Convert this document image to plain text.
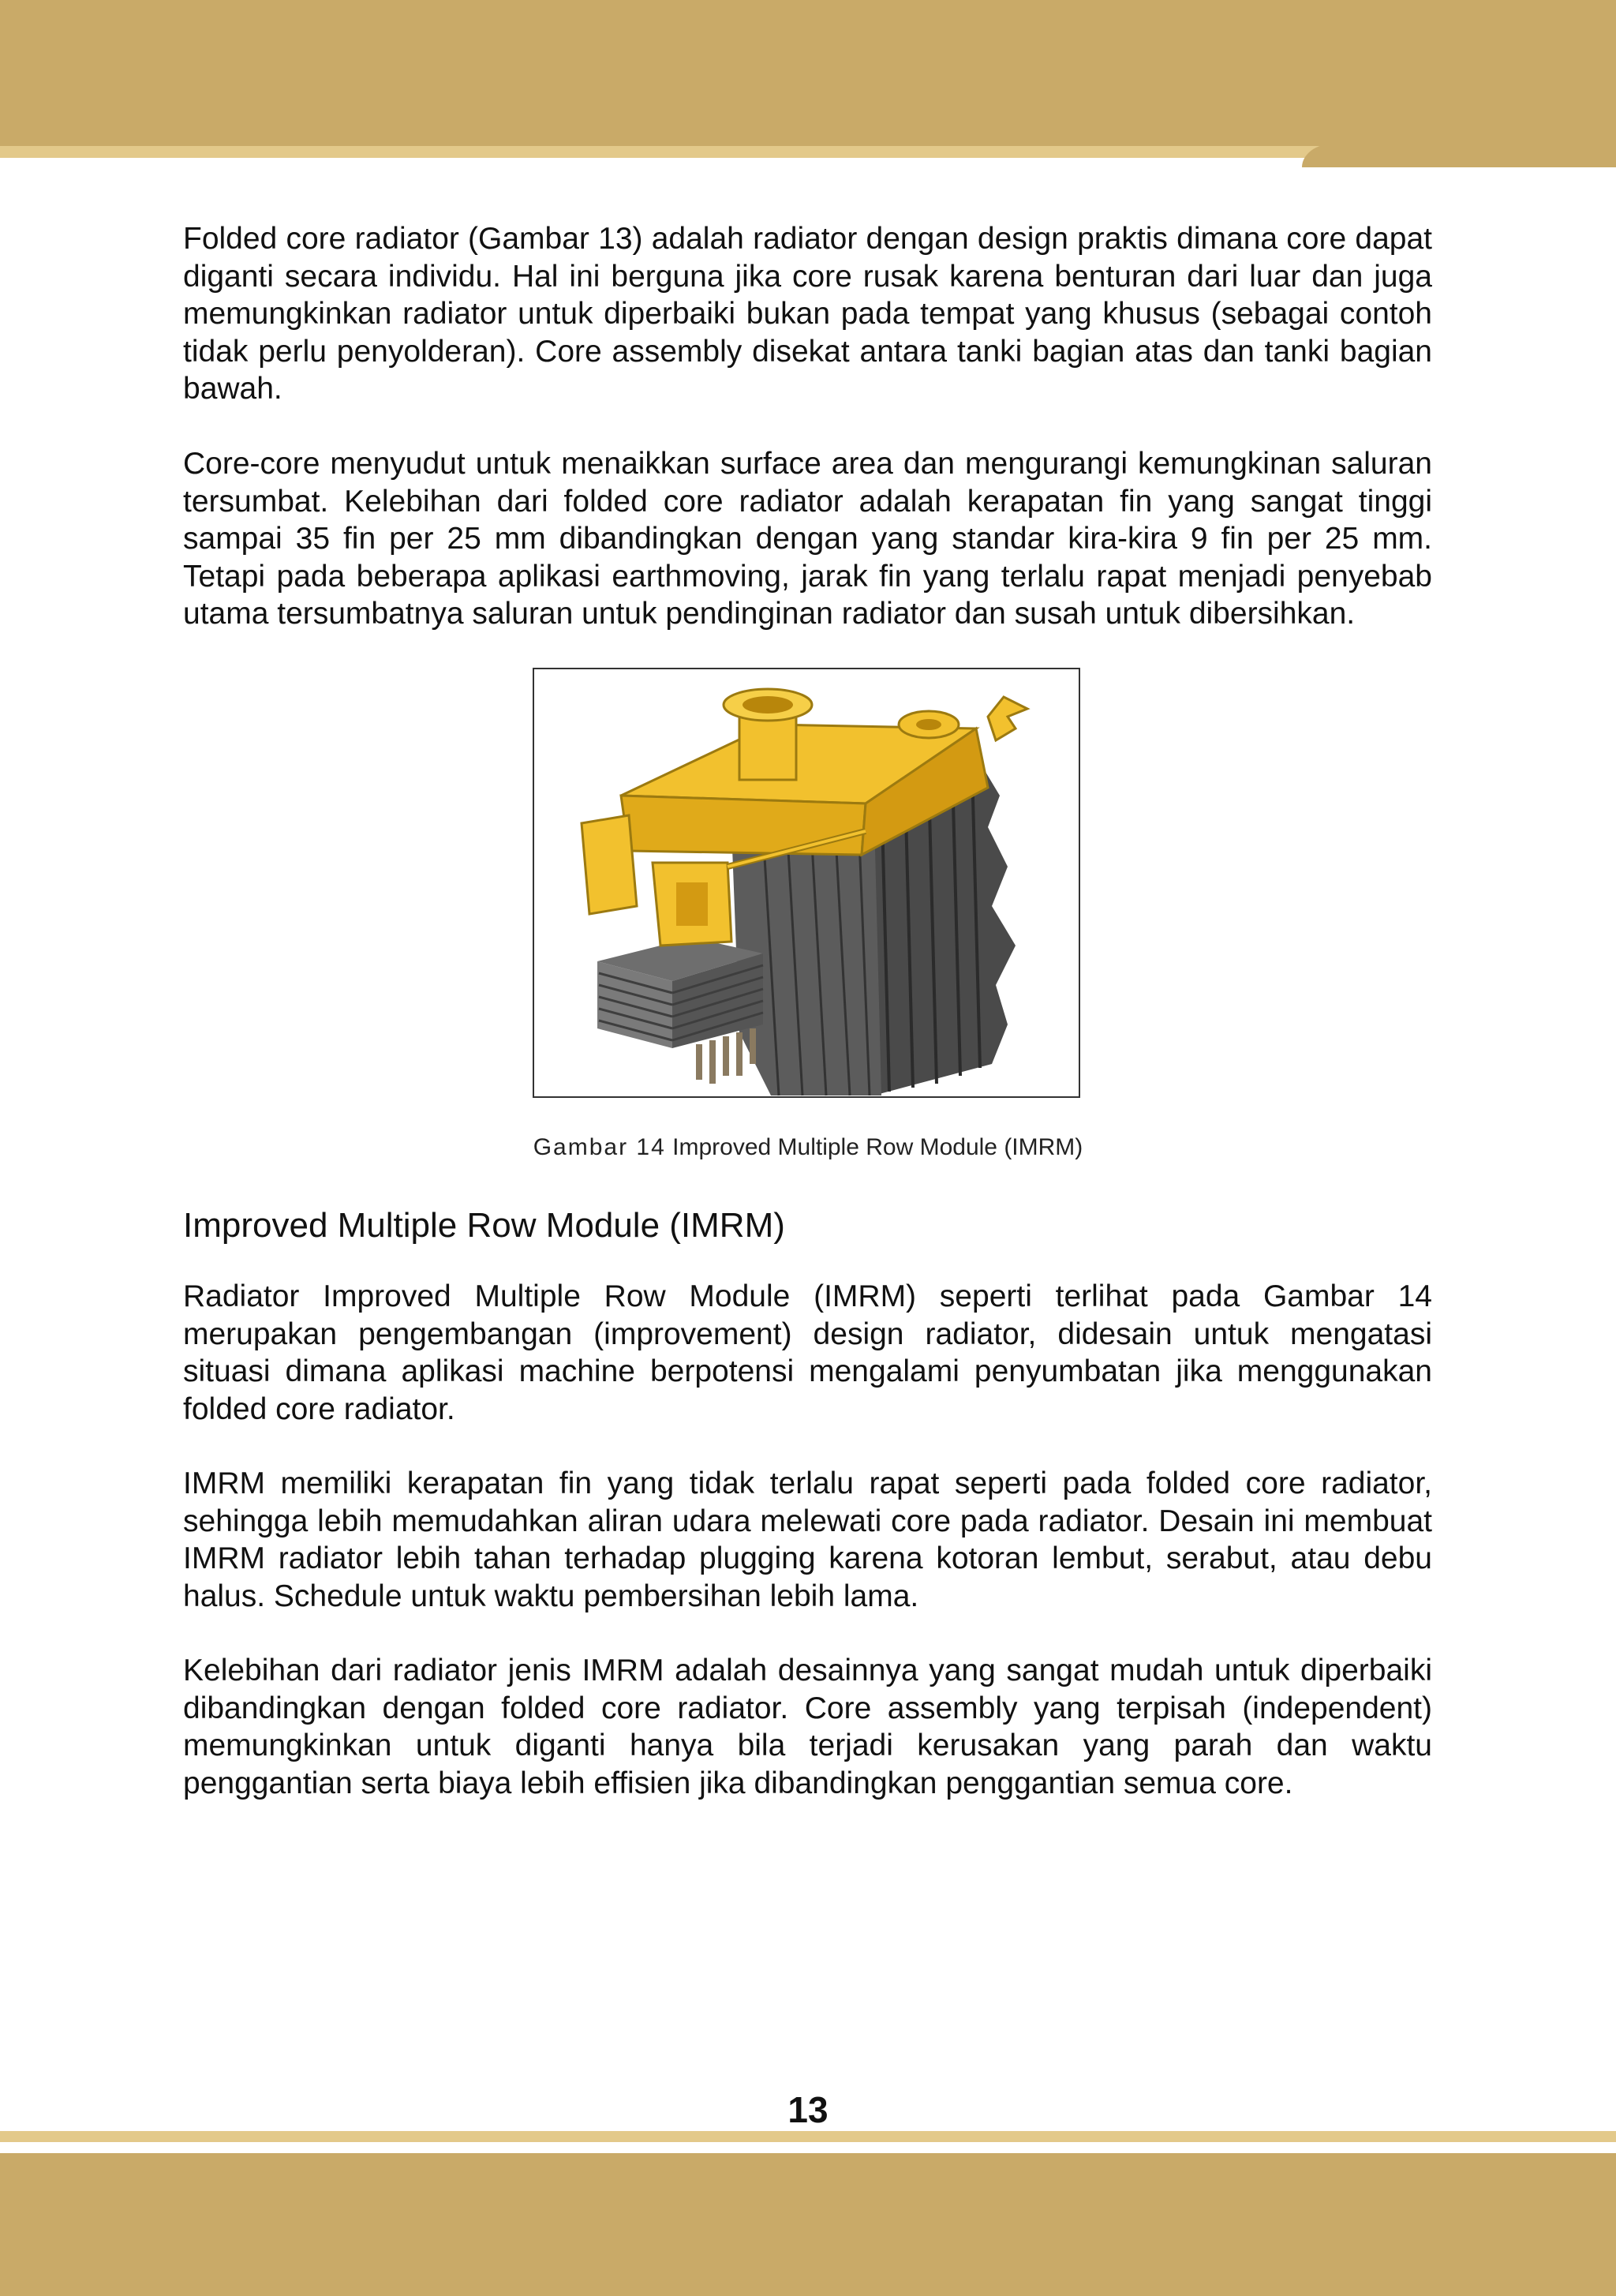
Folded core radiator (Gambar 13) adalah radiator dengan design praktis dimana core dapat diganti secara individu. Hal ini berguna jika core rusak karena benturan dari luar dan juga memungkinkan radiator untuk diperbaiki bukan pada tempat yang khusus (sebagai contoh tidak perlu penyolderan). Core assembly disekat antara tanki bagian atas dan tanki bagian bawah.

Core-core menyudut untuk menaikkan surface area dan mengurangi kemungkinan saluran tersumbat. Kelebihan dari folded core radiator adalah kerapatan fin yang sangat tinggi sampai 35 fin per 25 mm dibandingkan dengan yang standar kira-kira 9 fin per 25 mm. Tetapi pada beberapa aplikasi earthmoving, jarak fin yang terlalu rapat menjadi penyebab utama tersumbatnya saluran untuk pendinginan radiator dan susah untuk dibersihkan.

Gambar 14 Improved Multiple Row Module (IMRM)
Improved Multiple Row Module (IMRM)

Radiator Improved Multiple Row Module (IMRM) seperti terlihat pada Gambar 14 merupakan pengembangan (improvement) design radiator, didesain untuk mengatasi situasi dimana aplikasi machine berpotensi mengalami penyumbatan jika menggunakan folded core radiator.

IMRM memiliki kerapatan fin yang tidak terlalu rapat seperti pada folded core radiator, sehingga lebih memudahkan aliran udara melewati core pada radiator. Desain ini membuat IMRM radiator lebih tahan terhadap plugging karena kotoran lembut, serabut, atau debu halus. Schedule untuk waktu pembersihan lebih lama.

Kelebihan dari radiator jenis IMRM adalah desainnya yang sangat mudah untuk diperbaiki dibandingkan dengan folded core radiator. Core assembly yang terpisah (independent) memungkinkan untuk diganti hanya bila terjadi kerusakan yang parah dan waktu penggantian serta biaya lebih effisien jika dibandingkan penggantian semua core.

13
